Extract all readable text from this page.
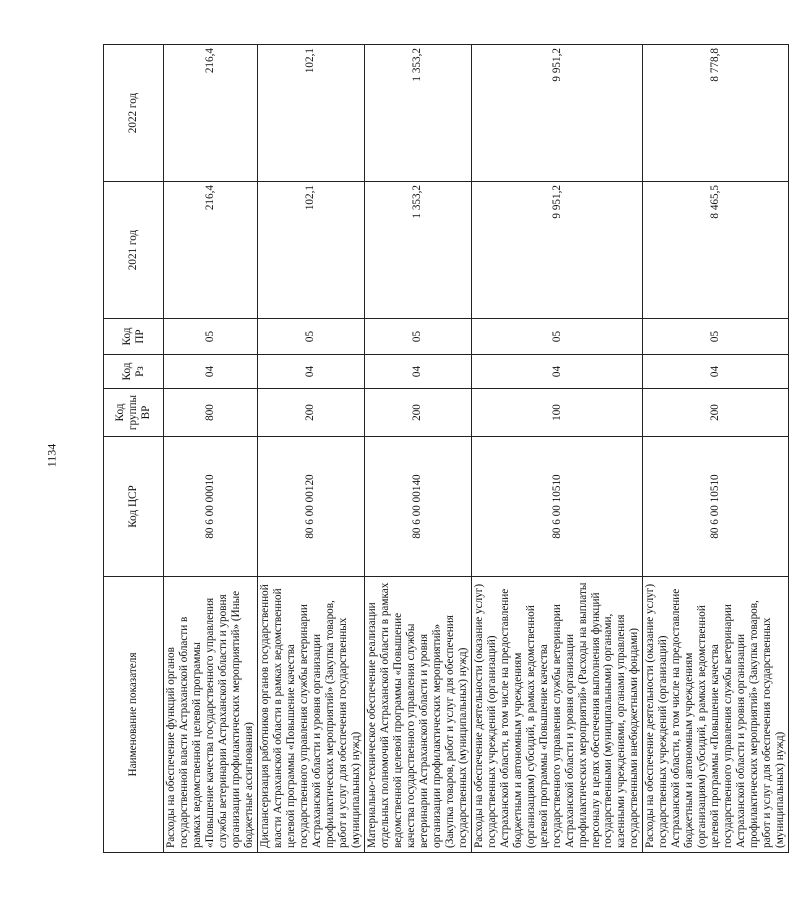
1134
Наименование показателя	Код ЦСР	Код группы ВР	Код Рз	Код ПР	2021 год	2022 год
Расходы на обеспечение функций органов государственной власти Астраханской области в рамках ведомственной целевой программы «Повышение качества государственного управления службы ветеринарии Астраханской области и уровня организации профилактических мероприятий» (Иные бюджетные ассигнования)	80 6 00 00010	800	04	05	216,4	216,4
Диспансеризация работников органов государственной власти Астраханской области в рамках ведомственной целевой программы «Повышение качества государственного управления службы ветеринарии Астраханской области и уровня организации профилактических мероприятий» (Закупка товаров, работ и услуг для обеспечения государственных (муниципальных) нужд)	80 6 00 00120	200	04	05	102,1	102,1
Материально-техническое обеспечение реализации отдельных полномочий Астраханской области в рамках ведомственной целевой программы «Повышение качества государственного управления службы ветеринарии Астраханской области и уровня организации профилактических мероприятий» (Закупка товаров, работ и услуг для обеспечения государственных (муниципальных) нужд)	80 6 00 00140	200	04	05	1 353,2	1 353,2
Расходы на обеспечение деятельности (оказание услуг) государственных учреждений (организаций) Астраханской области, в том числе на предоставление бюджетным и автономным учреждениям (организациям) субсидий, в рамках ведомственной целевой программы «Повышение качества государственного управления службы ветеринарии Астраханской области и уровня организации профилактических мероприятий» (Расходы на выплаты персоналу в целях обеспечения выполнения функций государственными (муниципальными) органами, казенными учреждениями, органами управления государственными внебюджетными фондами)	80 6 00 10510	100	04	05	9 951,2	9 951,2
Расходы на обеспечение деятельности (оказание услуг) государственных учреждений (организаций) Астраханской области, в том числе на предоставление бюджетным и автономным учреждениям (организациям) субсидий, в рамках ведомственной целевой программы «Повышение качества государственного управления службы ветеринарии Астраханской области и уровня организации профилактических мероприятий» (Закупка товаров, работ и услуг для обеспечения государственных (муниципальных) нужд)	80 6 00 10510	200	04	05	8 465,5	8 778,8
